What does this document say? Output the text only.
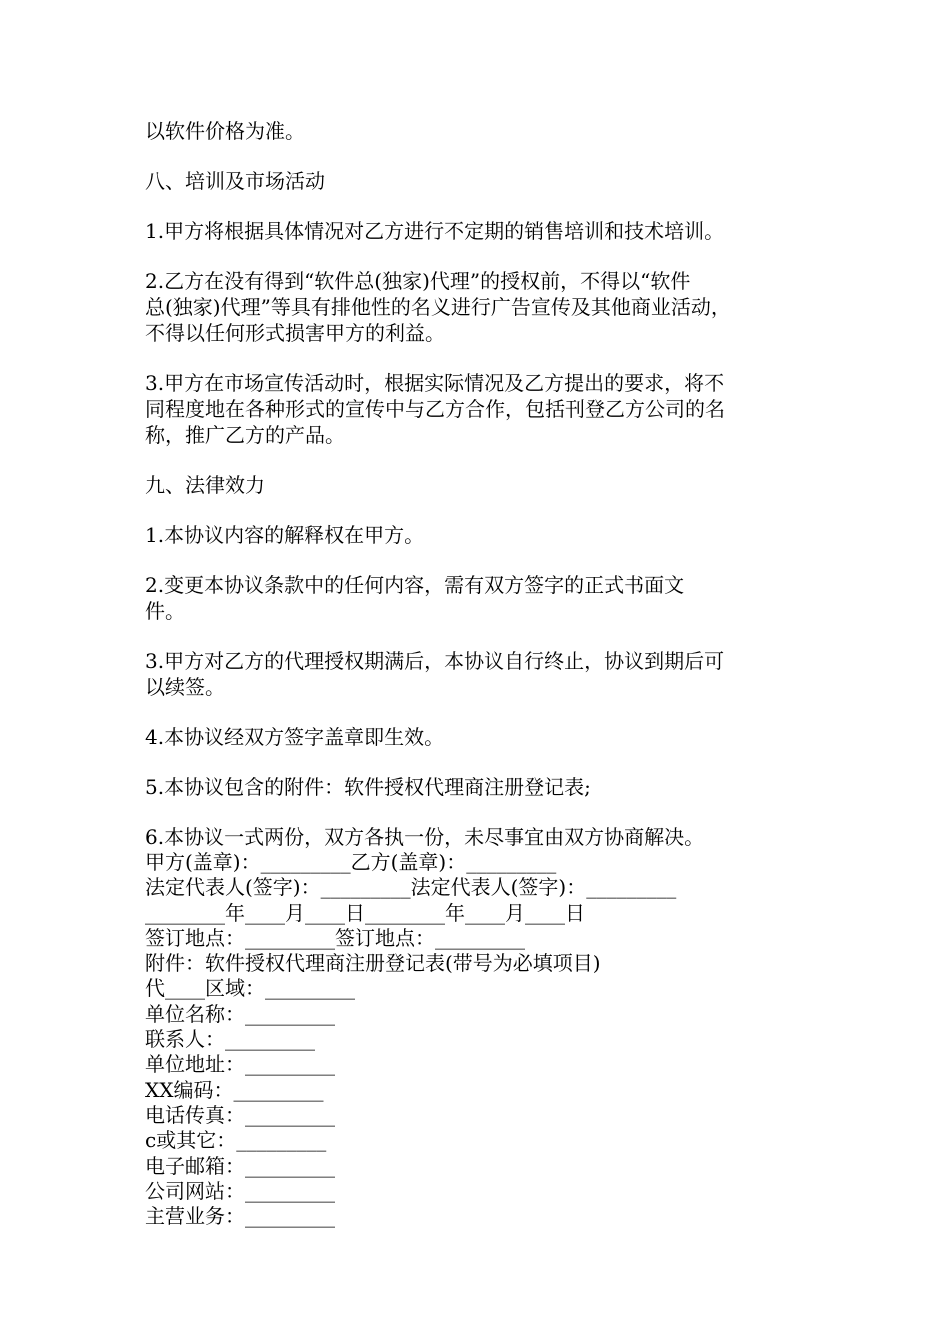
以软件价格为准。

八、培训及市场活动

1.甲方将根据具体情况对乙方进行不定期的销售培训和技术培训。

2.乙方在没有得到“软件总(独家)代理”的授权前，不得以“软件
总(独家)代理”等具有排他性的名义进行广告宣传及其他商业活动，
不得以任何形式损害甲方的利益。

3.甲方在市场宣传活动时，根据实际情况及乙方提出的要求，将不
同程度地在各种形式的宣传中与乙方合作，包括刊登乙方公司的名
称，推广乙方的产品。

九、法律效力

1.本协议内容的解释权在甲方。

2.变更本协议条款中的任何内容，需有双方签字的正式书面文
件。

3.甲方对乙方的代理授权期满后，本协议自行终止，协议到期后可
以续签。

4.本协议经双方签字盖章即生效。

5.本协议包含的附件：软件授权代理商注册登记表;

6.本协议一式两份，双方各执一份，未尽事宜由双方协商解决。

甲方(盖章)：_________乙方(盖章)：_________

法定代表人(签字)：_________法定代表人(签字)：_________

________年____月____日________年____月____日

签订地点：_________签订地点：_________

附件：软件授权代理商注册登记表(带号为必填项目)

代____区域：_________

单位名称：_________

联系人：_________

单位地址：_________

XX编码：_________

电话传真：_________

c或其它：_________

电子邮箱：_________

公司网站：_________

主营业务：_________
